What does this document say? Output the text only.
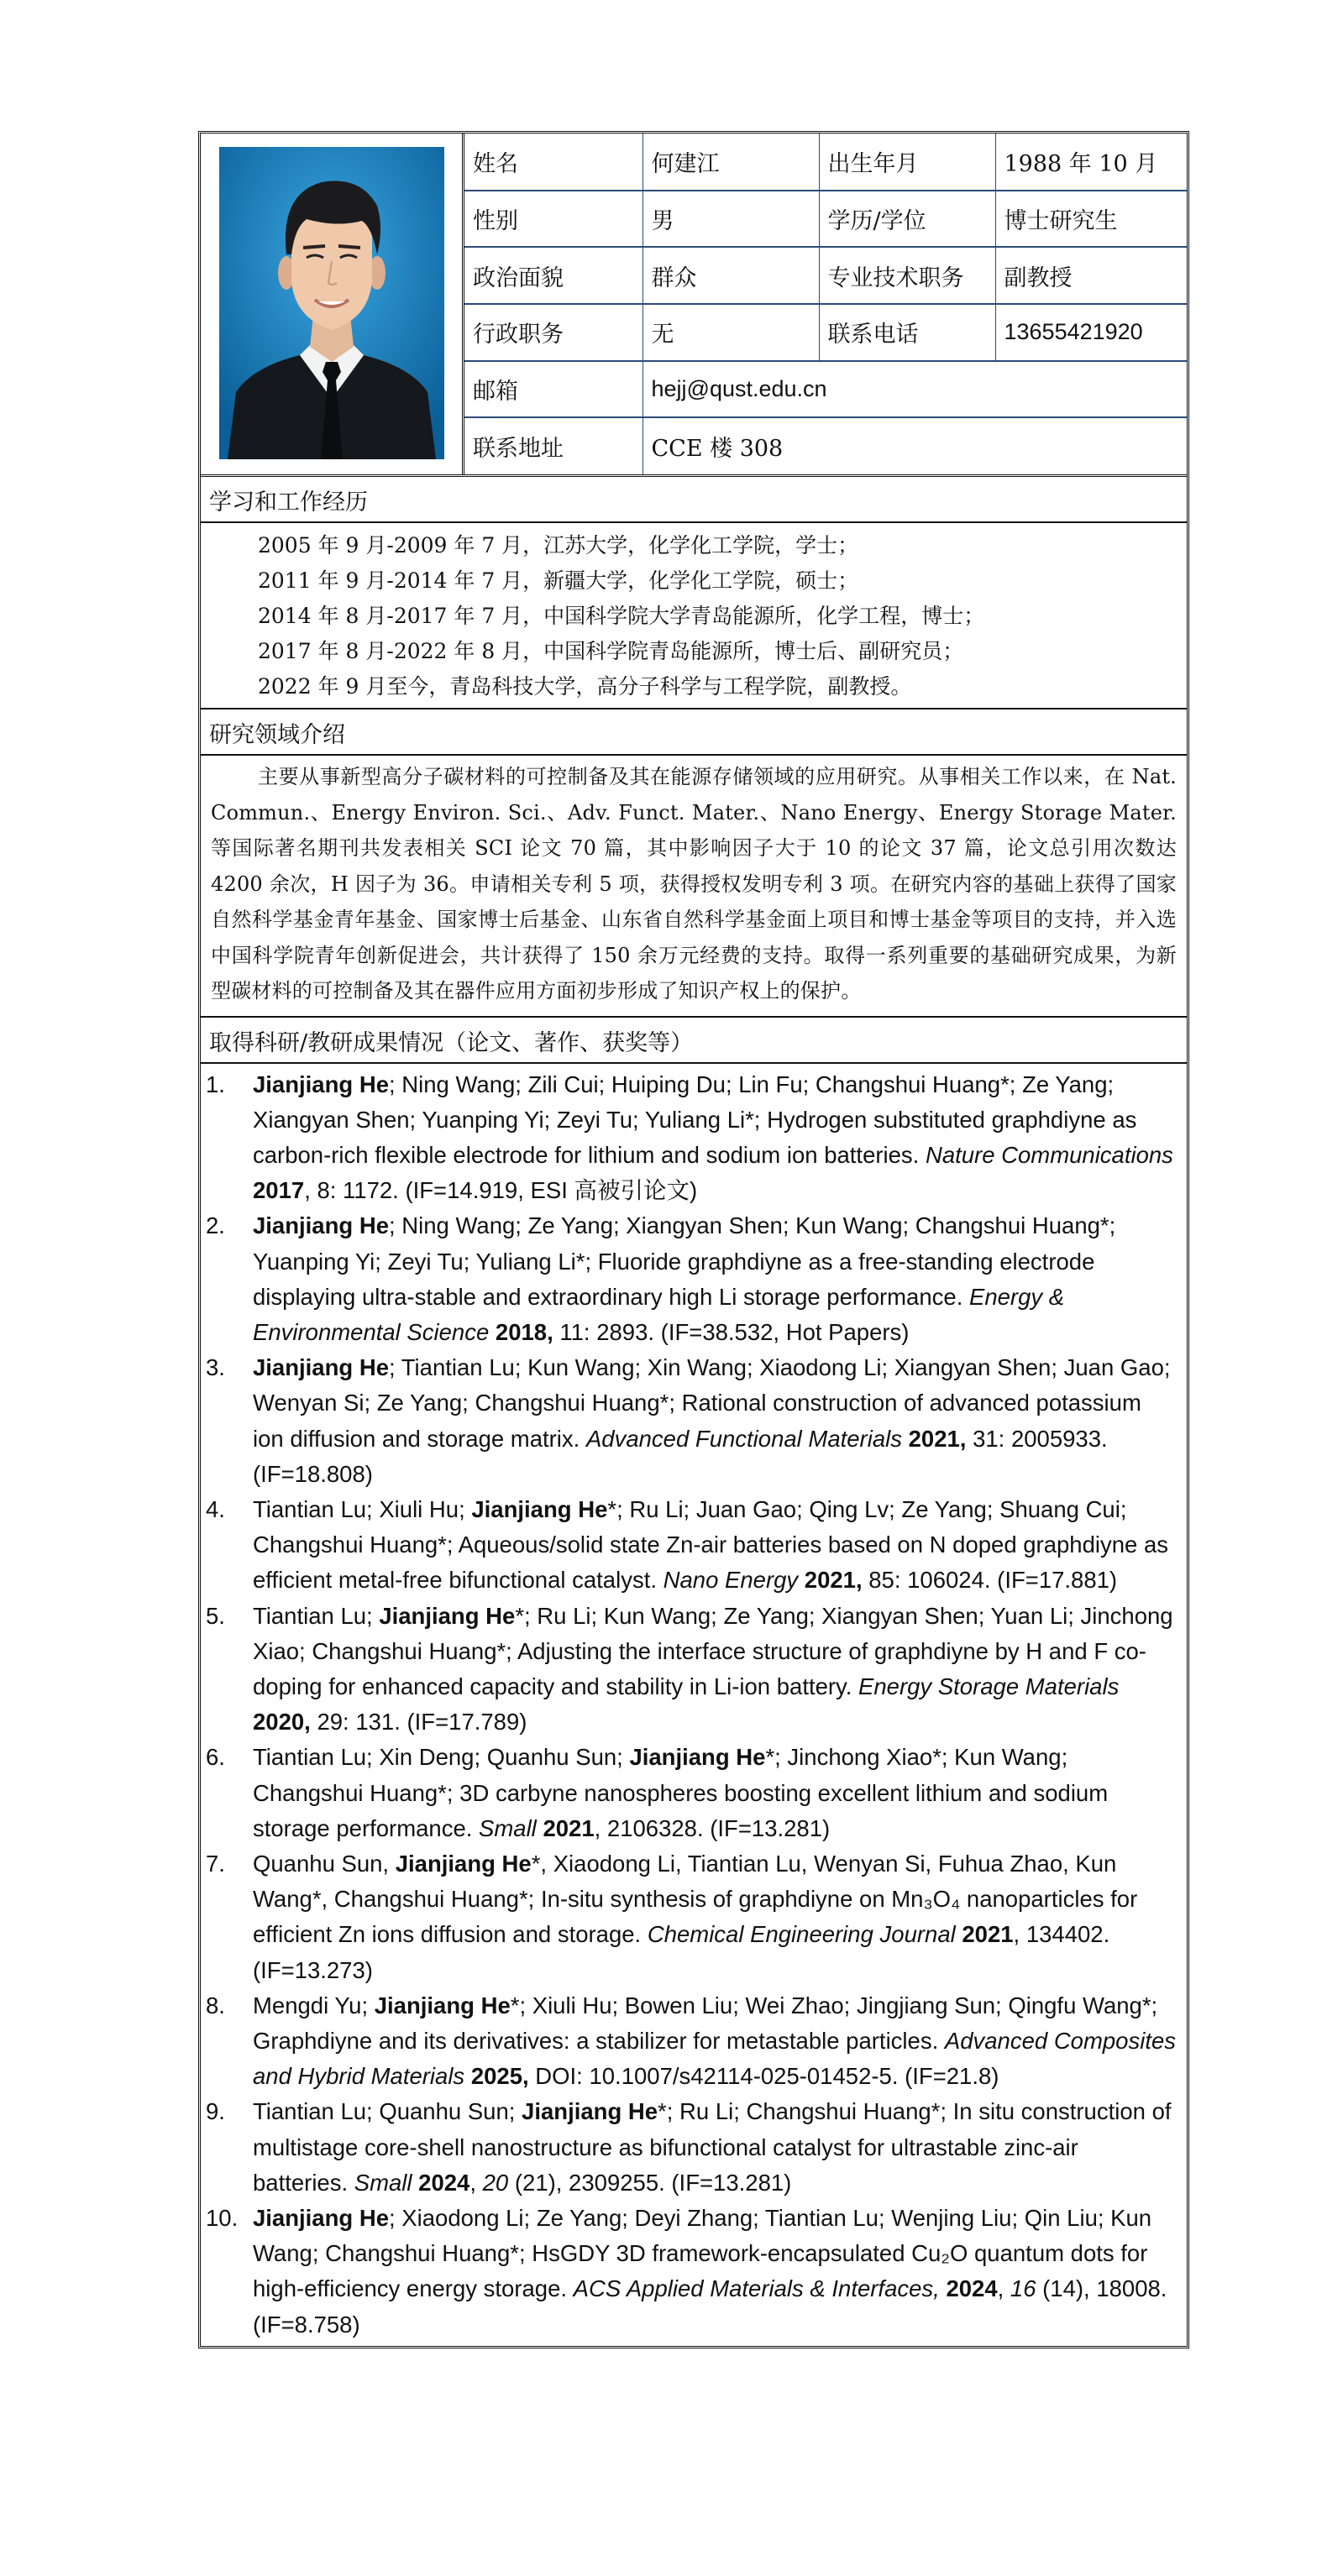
姓名	何建江	出生年月	1988 年 10 月
性别	男	学历/学位	博士研究生
政治面貌	群众	专业技术职务	副教授
行政职务	无	联系电话	13655421920
邮箱	hejj@qust.edu.cn		
联系地址	CCE 楼 308		
学习和工作经历
2005 年 9 月-2009 年 7 月，江苏大学，化学化工学院，学士；
2011 年 9 月-2014 年 7 月，新疆大学，化学化工学院，硕士；
2014 年 8 月-2017 年 7 月，中国科学院大学青岛能源所，化学工程，博士；
2017 年 8 月-2022 年 8 月，中国科学院青岛能源所，博士后、副研究员；
2022 年 9 月至今，青岛科技大学，高分子科学与工程学院，副教授。
研究领域介绍
主要从事新型高分子碳材料的可控制备及其在能源存储领域的应用研究。从事相关工作以来，在 Nat. Commun.、Energy Environ. Sci.、Adv. Funct. Mater.、Nano Energy、Energy Storage Mater.等国际著名期刊共发表相关 SCI 论文 70 篇，其中影响因子大于 10 的论文 37 篇，论文总引用次数达 4200 余次，H 因子为 36。申请相关专利 5 项，获得授权发明专利 3 项。在研究内容的基础上获得了国家自然科学基金青年基金、国家博士后基金、山东省自然科学基金面上项目和博士基金等项目的支持，并入选中国科学院青年创新促进会，共计获得了 150 余万元经费的支持。取得一系列重要的基础研究成果，为新型碳材料的可控制备及其在器件应用方面初步形成了知识产权上的保护。
取得科研/教研成果情况（论文、著作、获奖等）
1.	Jianjiang He; Ning Wang; Zili Cui; Huiping Du; Lin Fu; Changshui Huang*; Ze Yang; Xiangyan Shen; Yuanping Yi; Zeyi Tu; Yuliang Li*; Hydrogen substituted graphdiyne as carbon-rich flexible electrode for lithium and sodium ion batteries. Nature Communications 2017, 8: 1172. (IF=14.919, ESI 高被引论文)
2.	Jianjiang He; Ning Wang; Ze Yang; Xiangyan Shen; Kun Wang; Changshui Huang*; Yuanping Yi; Zeyi Tu; Yuliang Li*; Fluoride graphdiyne as a free-standing electrode displaying ultra-stable and extraordinary high Li storage performance. Energy & Environmental Science 2018, 11: 2893. (IF=38.532, Hot Papers)
3.	Jianjiang He; Tiantian Lu; Kun Wang; Xin Wang; Xiaodong Li; Xiangyan Shen; Juan Gao; Wenyan Si; Ze Yang; Changshui Huang*; Rational construction of advanced potassium ion diffusion and storage matrix. Advanced Functional Materials 2021, 31: 2005933. (IF=18.808)
4.	Tiantian Lu; Xiuli Hu; Jianjiang He*; Ru Li; Juan Gao; Qing Lv; Ze Yang; Shuang Cui; Changshui Huang*; Aqueous/solid state Zn-air batteries based on N doped graphdiyne as efficient metal-free bifunctional catalyst. Nano Energy 2021, 85: 106024. (IF=17.881)
5.	Tiantian Lu; Jianjiang He*; Ru Li; Kun Wang; Ze Yang; Xiangyan Shen; Yuan Li; Jinchong Xiao; Changshui Huang*; Adjusting the interface structure of graphdiyne by H and F co-doping for enhanced capacity and stability in Li-ion battery. Energy Storage Materials 2020, 29: 131. (IF=17.789)
6.	Tiantian Lu; Xin Deng; Quanhu Sun; Jianjiang He*; Jinchong Xiao*; Kun Wang; Changshui Huang*; 3D carbyne nanospheres boosting excellent lithium and sodium storage performance. Small 2021, 2106328. (IF=13.281)
7.	Quanhu Sun, Jianjiang He*, Xiaodong Li, Tiantian Lu, Wenyan Si, Fuhua Zhao, Kun Wang*, Changshui Huang*; In-situ synthesis of graphdiyne on Mn₃O₄ nanoparticles for efficient Zn ions diffusion and storage. Chemical Engineering Journal 2021, 134402. (IF=13.273)
8.	Mengdi Yu; Jianjiang He*; Xiuli Hu; Bowen Liu; Wei Zhao; Jingjiang Sun; Qingfu Wang*; Graphdiyne and its derivatives: a stabilizer for metastable particles. Advanced Composites and Hybrid Materials 2025, DOI: 10.1007/s42114-025-01452-5. (IF=21.8)
9.	Tiantian Lu; Quanhu Sun; Jianjiang He*; Ru Li; Changshui Huang*; In situ construction of multistage core-shell nanostructure as bifunctional catalyst for ultrastable zinc-air batteries. Small 2024, 20 (21), 2309255. (IF=13.281)
10. Jianjiang He; Xiaodong Li; Ze Yang; Deyi Zhang; Tiantian Lu; Wenjing Liu; Qin Liu; Kun Wang; Changshui Huang*; HsGDY 3D framework-encapsulated Cu₂O quantum dots for high-efficiency energy storage. ACS Applied Materials & Interfaces, 2024, 16 (14), 18008. (IF=8.758)
